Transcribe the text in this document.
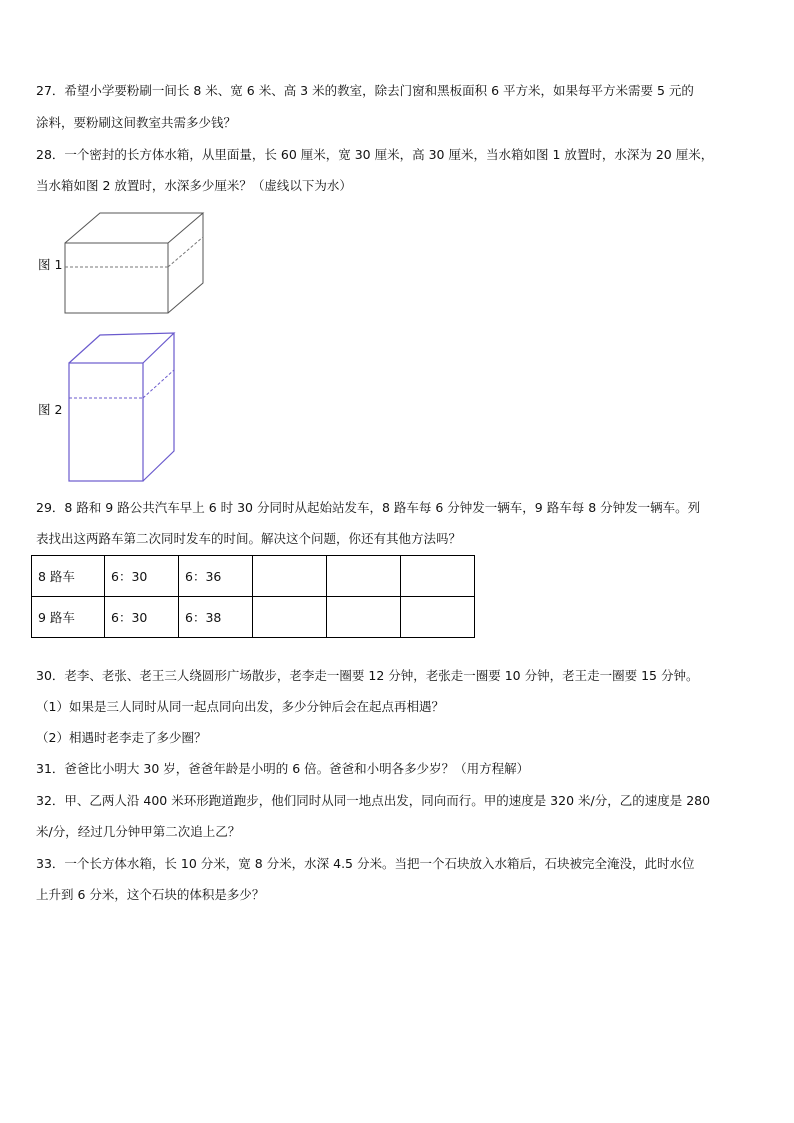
27．希望小学要粉刷一间长 8 米、宽 6 米、高 3 米的教室，除去门窗和黑板面积 6 平方米，如果每平方米需要 5 元的
涂料，要粉刷这间教室共需多少钱？
28．一个密封的长方体水箱，从里面量，长 60 厘米，宽 30 厘米，高 30 厘米，当水箱如图 1 放置时，水深为 20 厘米，
当水箱如图 2 放置时，水深多少厘米？（虚线以下为水）
图 1
图 2
29．8 路和 9 路公共汽车早上 6 时 30 分同时从起始站发车，8 路车每 6 分钟发一辆车，9 路车每 8 分钟发一辆车。列
表找出这两路车第二次同时发车的时间。解决这个问题，你还有其他方法吗？
8 路车	6：30	6：36			
9 路车	6：30	6：38			
30．老李、老张、老王三人绕圆形广场散步，老李走一圈要 12 分钟，老张走一圈要 10 分钟，老王走一圈要 15 分钟。
（1）如果是三人同时从同一起点同向出发，多少分钟后会在起点再相遇？
（2）相遇时老李走了多少圈？
31．爸爸比小明大 30 岁，爸爸年龄是小明的 6 倍。爸爸和小明各多少岁？（用方程解）
32．甲、乙两人沿 400 米环形跑道跑步，他们同时从同一地点出发，同向而行。甲的速度是 320 米/分，乙的速度是 280
米/分，经过几分钟甲第二次追上乙？
33．一个长方体水箱，长 10 分米，宽 8 分米，水深 4.5 分米。当把一个石块放入水箱后，石块被完全淹没，此时水位
上升到 6 分米，这个石块的体积是多少？
